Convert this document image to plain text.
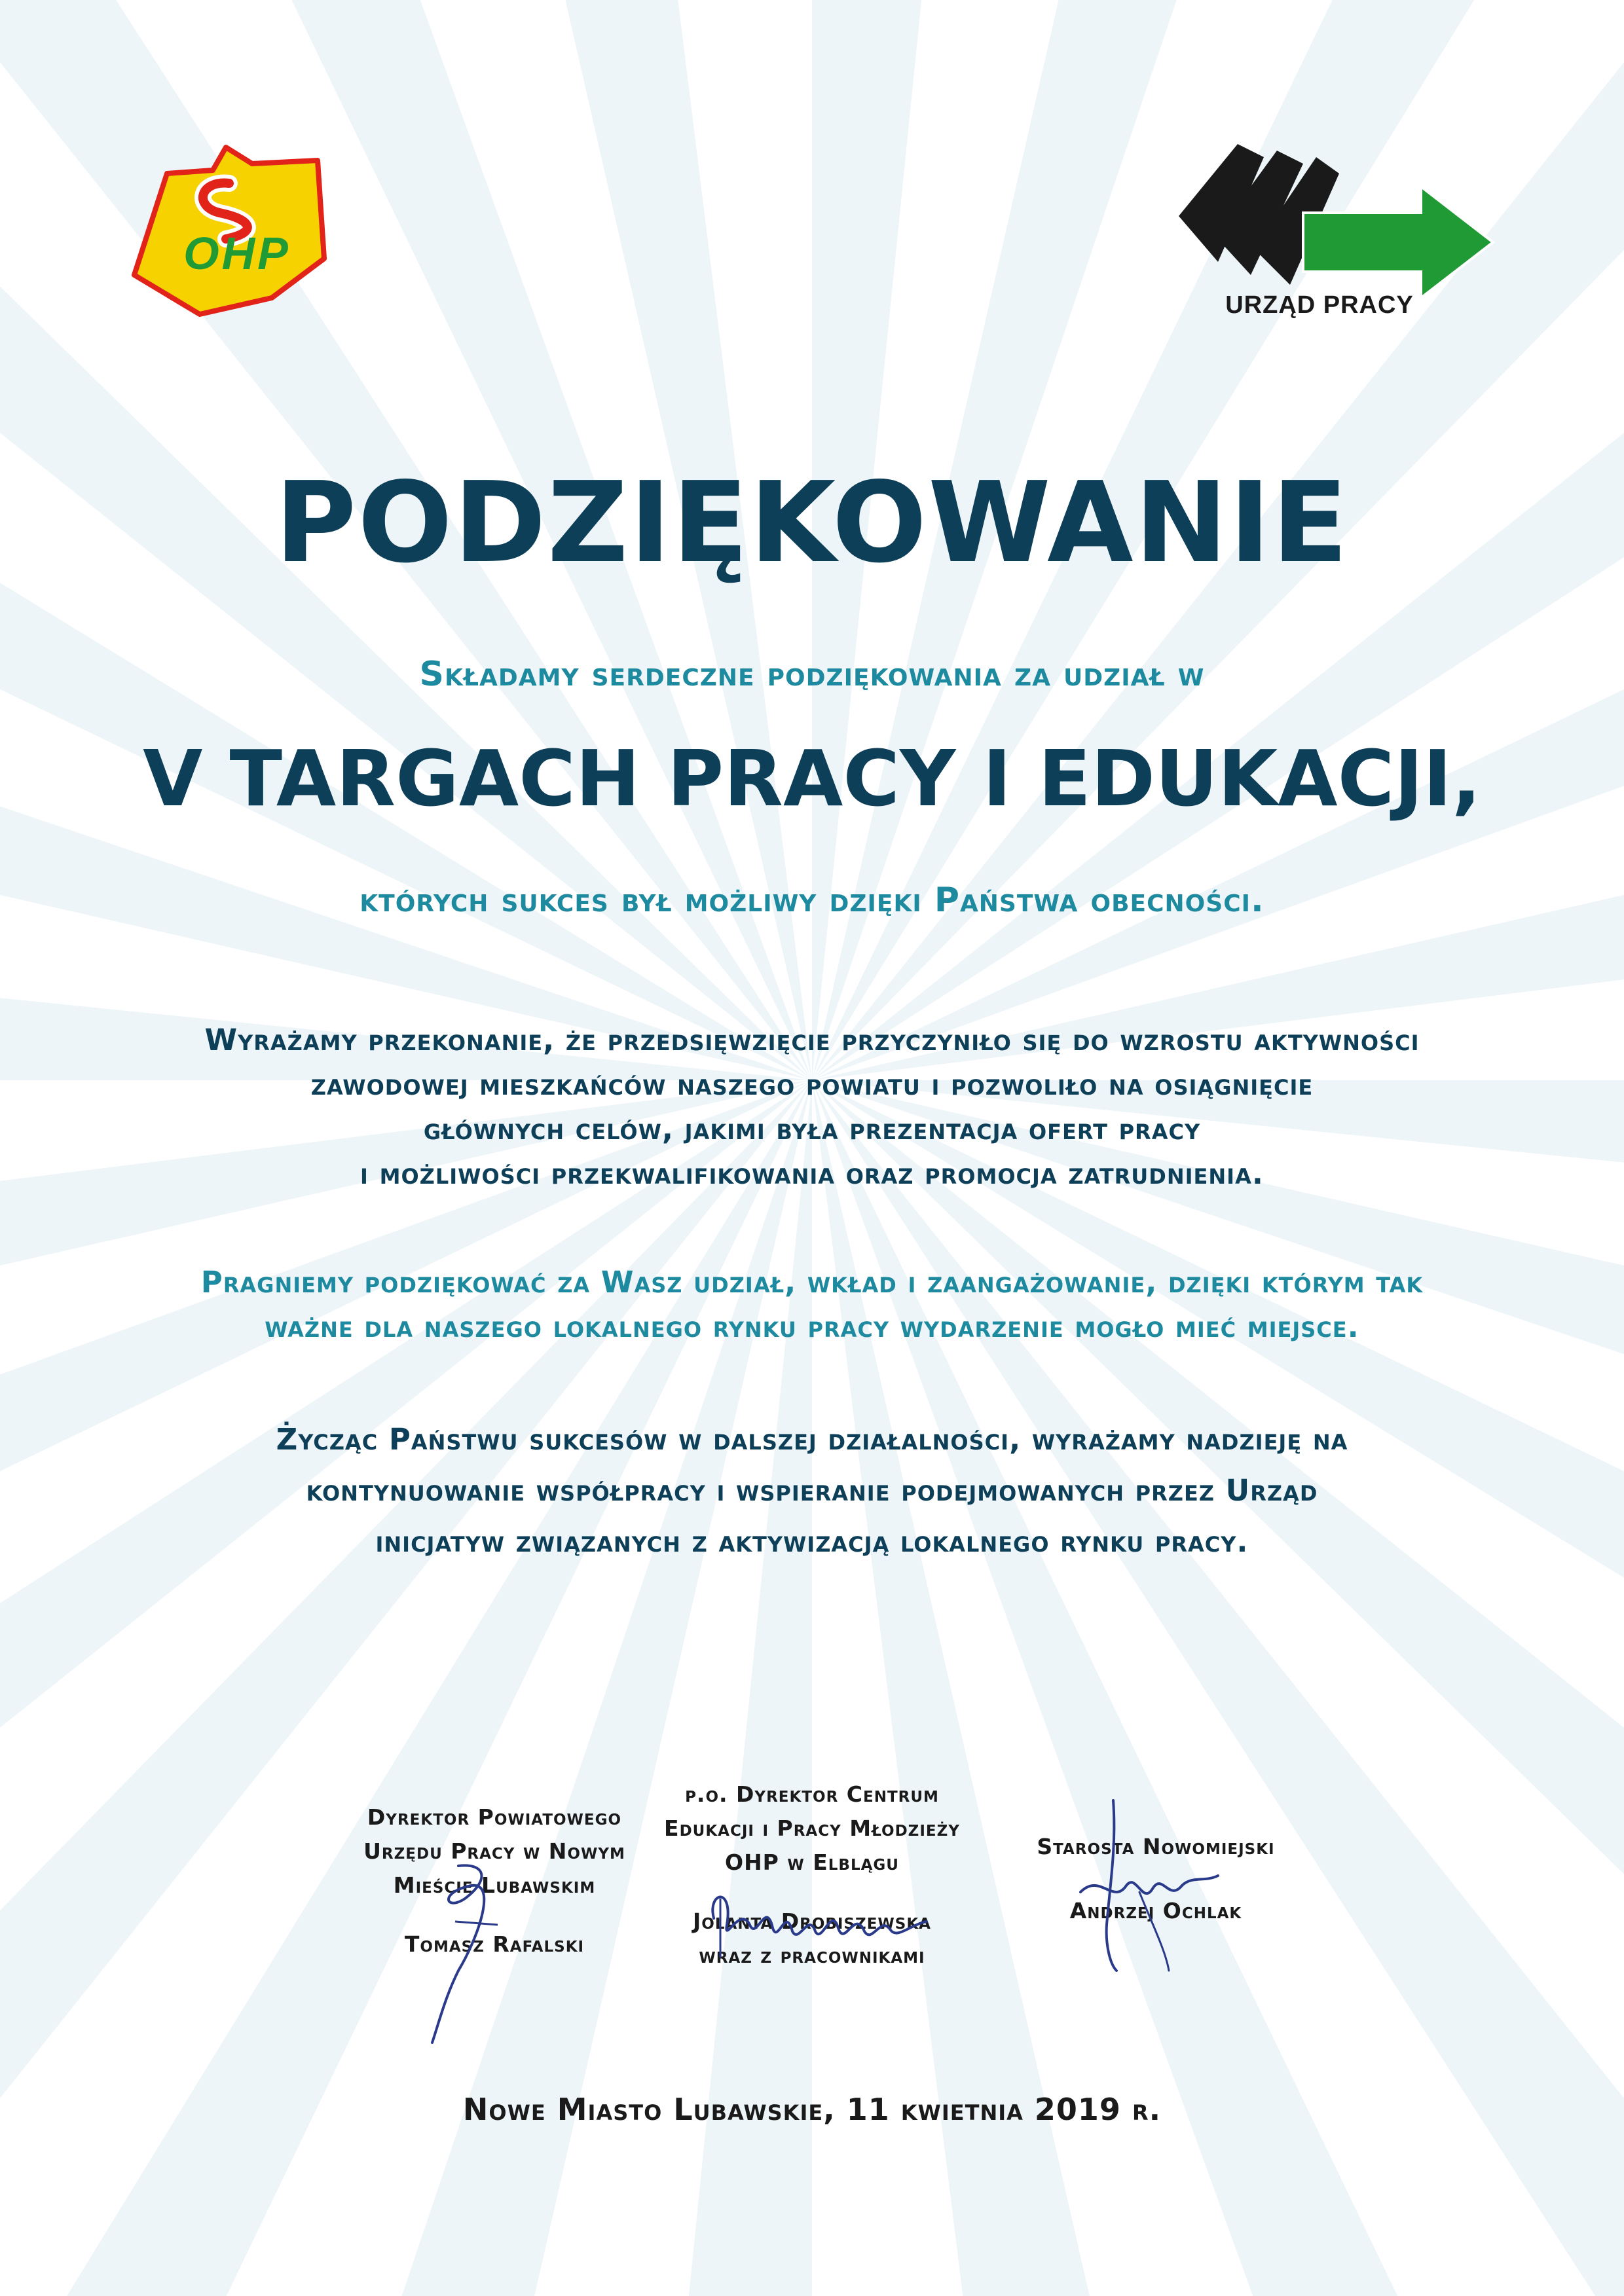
OHP
URZĄD PRACY
PODZIĘKOWANIE
Składamy serdeczne podziękowania za udział w
V TARGACH PRACY I EDUKACJI,
których sukces był możliwy dzięki Państwa obecności.
Wyrażamy przekonanie, że przedsięwzięcie przyczyniło się do wzrostu aktywności
zawodowej mieszkańców naszego powiatu i pozwoliło na osiągnięcie
głównych celów, jakimi była prezentacja ofert pracy
i możliwości przekwalifikowania oraz promocja zatrudnienia.
Pragniemy podziękować za Wasz udział, wkład i zaangażowanie, dzięki którym tak
ważne dla naszego lokalnego rynku pracy wydarzenie mogło mieć miejsce.
Życząc Państwu sukcesów w dalszej działalności, wyrażamy nadzieję na
kontynuowanie współpracy i wspieranie podejmowanych przez Urząd
inicjatyw związanych z aktywizacją lokalnego rynku pracy.
Dyrektor Powiatowego
Urzędu Pracy w Nowym
Mieście Lubawskim
Tomasz Rafalski
p.o. Dyrektor Centrum
Edukacji i Pracy Młodzieży
OHP w Elblągu
Jolanta Drobiszewska
wraz z pracownikami
Starosta Nowomiejski
Andrzej Ochlak
Nowe Miasto Lubawskie, 11 kwietnia 2019 r.
